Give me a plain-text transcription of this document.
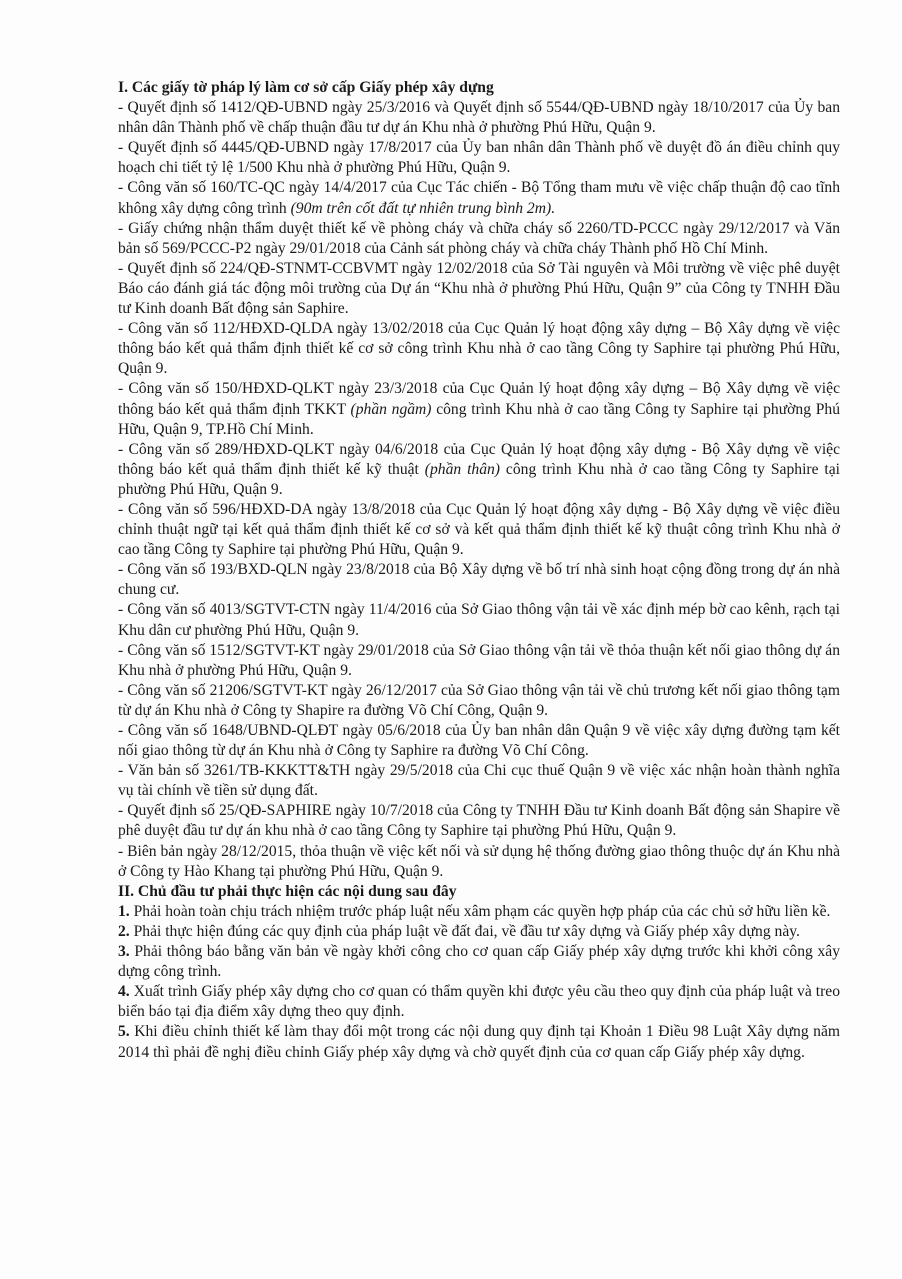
I. Các giấy tờ pháp lý làm cơ sở cấp Giấy phép xây dựng
- Quyết định số 1412/QĐ-UBND ngày 25/3/2016 và Quyết định số 5544/QĐ-UBND ngày 18/10/2017 của Ủy ban nhân dân Thành phố về chấp thuận đầu tư dự án Khu nhà ở phường Phú Hữu, Quận 9.
- Quyết định số 4445/QĐ-UBND ngày 17/8/2017 của Ủy ban nhân dân Thành phố về duyệt đồ án điều chỉnh quy hoạch chi tiết tỷ lệ 1/500 Khu nhà ở phường Phú Hữu, Quận 9.
- Công văn số 160/TC-QC ngày 14/4/2017 của Cục Tác chiến - Bộ Tổng tham mưu về việc chấp thuận độ cao tĩnh không xây dựng công trình (90m trên cốt đất tự nhiên trung bình 2m).
- Giấy chứng nhận thẩm duyệt thiết kế về phòng cháy và chữa cháy số 2260/TD-PCCC ngày 29/12/2017 và Văn bản số 569/PCCC-P2 ngày 29/01/2018 của Cảnh sát phòng cháy và chữa cháy Thành phố Hồ Chí Minh.
- Quyết định số 224/QĐ-STNMT-CCBVMT ngày 12/02/2018 của Sở Tài nguyên và Môi trường về việc phê duyệt Báo cáo đánh giá tác động môi trường của Dự án “Khu nhà ở phường Phú Hữu, Quận 9” của Công ty TNHH Đầu tư Kinh doanh Bất động sản Saphire.
- Công văn số 112/HĐXD-QLDA ngày 13/02/2018 của Cục Quản lý hoạt động xây dựng – Bộ Xây dựng về việc thông báo kết quả thẩm định thiết kế cơ sở công trình Khu nhà ở cao tầng Công ty Saphire tại phường Phú Hữu, Quận 9.
- Công văn số 150/HĐXD-QLKT ngày 23/3/2018 của Cục Quản lý hoạt động xây dựng – Bộ Xây dựng về việc thông báo kết quả thẩm định TKKT (phần ngầm) công trình Khu nhà ở cao tầng Công ty Saphire tại phường Phú Hữu, Quận 9, TP.Hồ Chí Minh.
- Công văn số 289/HĐXD-QLKT ngày 04/6/2018 của Cục Quản lý hoạt động xây dựng - Bộ Xây dựng về việc thông báo kết quả thẩm định thiết kế kỹ thuật (phần thân) công trình Khu nhà ở cao tầng Công ty Saphire tại phường Phú Hữu, Quận 9.
- Công văn số 596/HĐXD-DA ngày 13/8/2018 của Cục Quản lý hoạt động xây dựng - Bộ Xây dựng về việc điều chỉnh thuật ngữ tại kết quả thẩm định thiết kế cơ sở và kết quả thẩm định thiết kế kỹ thuật công trình Khu nhà ở cao tầng Công ty Saphire tại phường Phú Hữu, Quận 9.
- Công văn số 193/BXD-QLN ngày 23/8/2018 của Bộ Xây dựng về bố trí nhà sinh hoạt cộng đồng trong dự án nhà chung cư.
- Công văn số 4013/SGTVT-CTN ngày 11/4/2016 của Sở Giao thông vận tải về xác định mép bờ cao kênh, rạch tại Khu dân cư phường Phú Hữu, Quận 9.
- Công văn số 1512/SGTVT-KT ngày 29/01/2018 của Sở Giao thông vận tải về thỏa thuận kết nối giao thông dự án Khu nhà ở phường Phú Hữu, Quận 9.
- Công văn số 21206/SGTVT-KT ngày 26/12/2017 của Sở Giao thông vận tải về chủ trương kết nối giao thông tạm từ dự án Khu nhà ở Công ty Shapire ra đường Võ Chí Công, Quận 9.
- Công văn số 1648/UBND-QLĐT ngày 05/6/2018 của Ủy ban nhân dân Quận 9 về việc xây dựng đường tạm kết nối giao thông từ dự án Khu nhà ở Công ty Saphire ra đường Võ Chí Công.
- Văn bản số 3261/TB-KKKTT&TH ngày 29/5/2018 của Chi cục thuế Quận 9 về việc xác nhận hoàn thành nghĩa vụ tài chính về tiền sử dụng đất.
- Quyết định số 25/QĐ-SAPHIRE ngày 10/7/2018 của Công ty TNHH Đầu tư Kinh doanh Bất động sản Shapire về phê duyệt đầu tư dự án khu nhà ở cao tầng Công ty Saphire tại phường Phú Hữu, Quận 9.
- Biên bản ngày 28/12/2015, thỏa thuận về việc kết nối và sử dụng hệ thống đường giao thông thuộc dự án Khu nhà ở Công ty Hào Khang tại phường Phú Hữu, Quận 9.
II. Chủ đầu tư phải thực hiện các nội dung sau đây
1. Phải hoàn toàn chịu trách nhiệm trước pháp luật nếu xâm phạm các quyền hợp pháp của các chủ sở hữu liền kề.
2. Phải thực hiện đúng các quy định của pháp luật về đất đai, về đầu tư xây dựng và Giấy phép xây dựng này.
3. Phải thông báo bằng văn bản về ngày khởi công cho cơ quan cấp Giấy phép xây dựng trước khi khởi công xây dựng công trình.
4. Xuất trình Giấy phép xây dựng cho cơ quan có thẩm quyền khi được yêu cầu theo quy định của pháp luật và treo biển báo tại địa điểm xây dựng theo quy định.
5. Khi điều chỉnh thiết kế làm thay đổi một trong các nội dung quy định tại Khoản 1 Điều 98 Luật Xây dựng năm 2014 thì phải đề nghị điều chỉnh Giấy phép xây dựng và chờ quyết định của cơ quan cấp Giấy phép xây dựng.
